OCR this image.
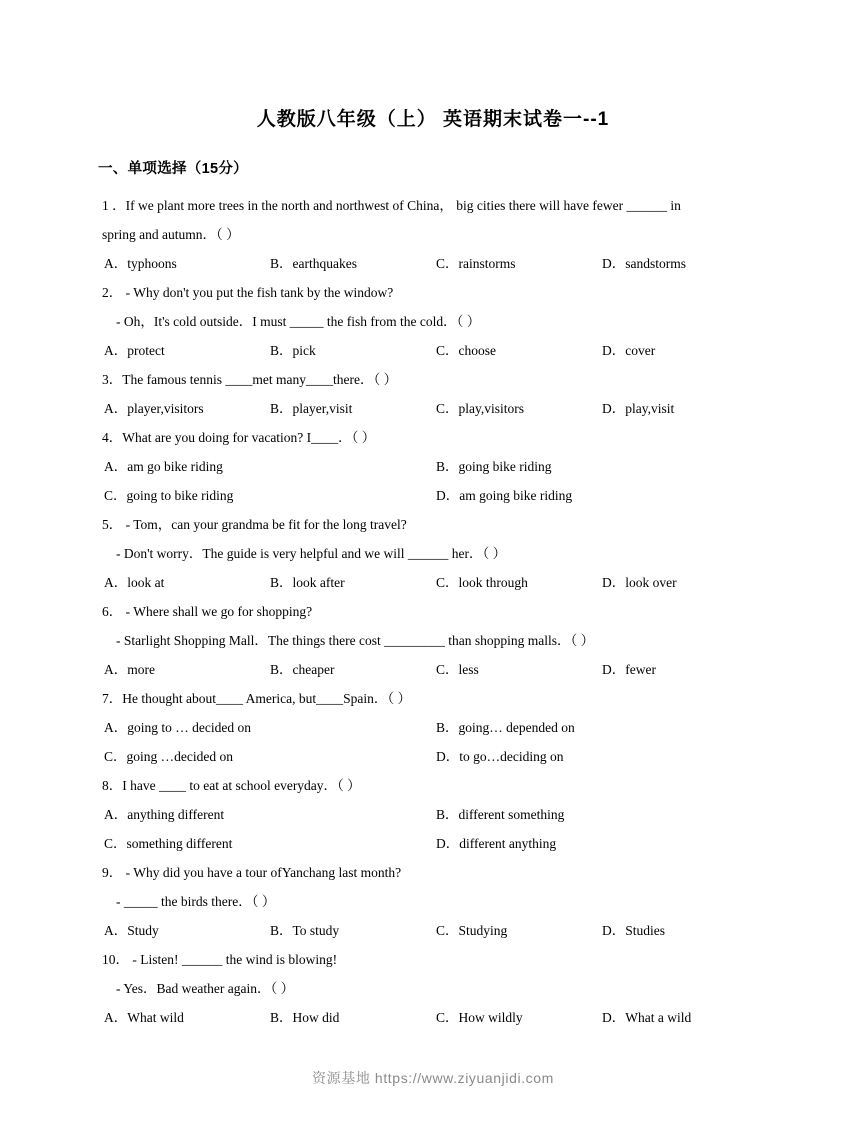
人教版八年级（上） 英语期末试卷一--1
一、单项选择（15分）
1 ．If we plant more trees in the north and northwest of China， big cities there will have fewer ______ in
spring and autumn．（ ）
A．typhoons	B．earthquakes	C．rainstorms	D．sandstorms
2． - Why don't you put the fish tank by the window?
- Oh，It's cold outside．I must _____ the fish from the cold．（ ）
A．protect	B．pick	C．choose	D．cover
3．The famous tennis ____met many____there．（ ）
A．player,visitors	B．player,visit	C．play,visitors	D．play,visit
4．What are you doing for vacation? I____．（ ）
A．am go bike riding	B．going bike riding
C．going to bike riding	D．am going bike riding
5． - Tom，can your grandma be fit for the long travel?
- Don't worry．The guide is very helpful and we will ______ her．（ ）
A．look at	B．look after	C．look through	D．look over
6． - Where shall we go for shopping?
- Starlight Shopping Mall．The things there cost _________ than shopping malls．（ ）
A．more	B．cheaper	C．less	D．fewer
7．He thought about____ America, but____Spain．（ ）
A．going to … decided on	B．going… depended on
C．going …decided on	D．to go…deciding on
8．I have ____ to eat at school everyday．（ ）
A．anything different	B．different something
C．something different	D．different anything
9． - Why did you have a tour ofYanchang last month?
- _____ the birds there．（ ）
A．Study	B．To study	C．Studying	D．Studies
10． - Listen! ______ the wind is blowing!
- Yes．Bad weather again．（ ）
A．What wild	B．How did	C．How wildly	D．What a wild
资源基地 https://www.ziyuanjidi.com
